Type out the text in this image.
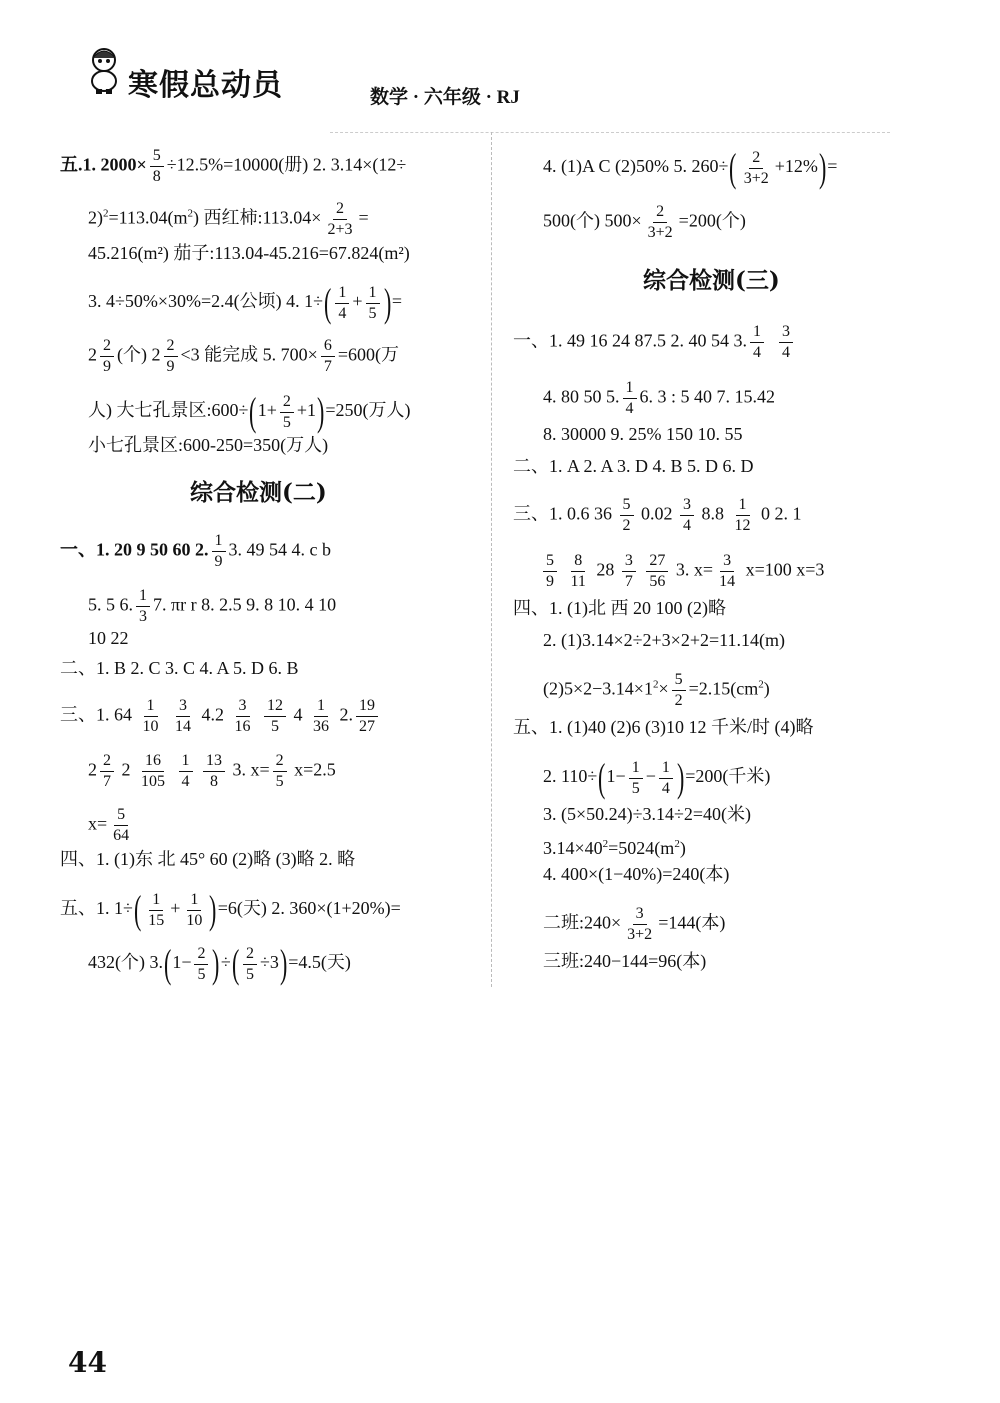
寒假总动员	数学 · 六年级 · RJ
五.1. $2000\times \frac{5}{8} \div 12.5\%=10000$(册) 2. 3.14×(12÷
$2)^2=113.04(m^2)$ 西红柿:113.04× $\frac{2}{2+3}$ =
45.216(m²) 茄子:113.04-45.216=67.824(m²)
3. 4÷50%×30%=2.4(公顷) 4. $1\div( \frac{1}{4} + \frac{1}{5}$ )=
$2 \frac{2}{9}$ (个) $2 \frac{2}{9} <3$ 能完成 5. $700\times \frac{6}{7} =600$(万
人) 大七孔景区:600÷(1+ $\frac{2}{5} +1)=250$(万人)
小七孔景区:600-250=350(万人)
综合检测(二)
一、1. 20 9 50 60 2. $\frac{1}{9} 3$. 49 54 4. c b
5. 5 6. $\frac{1}{3} 7$. πr r 8. 2.5 9. 8 10. 4 10
10 22
二、1. B 2. C 3. C 4. A 5. D 6. B
三、1. $64 \frac{1}{10}$
$\frac{3}{14} 4.2 \frac{3}{16}$
$\frac{12}{5} 4 \frac{1}{36} 2$. $\frac{19}{27}$
$2 \frac{2}{7} 2 \frac{16}{105}$
$\frac{1}{4}$
$\frac{13}{8} 3$. $x= \frac{2}{5} x=2.5$
$x= \frac{5}{64}$
四、1. (1)东 北 45° 60 (2)略 (3)略 2. 略
五、1. $1\div( \frac{1}{15} + \frac{1}{10} )=6$(天) 2. 360×(1+20%)=
432(个) $3.(1- \frac{2}{5}$ )÷( $\frac{2}{5} \div 3)=4.5$(天)
4. (1)A C (2)50% 5. $260\div( \frac{2}{3+2} +12\%)=$
500(个) $500\times \frac{2}{3+2} =200$(个)
综合检测(三)
一、1. 49 16 24 87.5 2. 40 54 3. $\frac{1}{4}$
$\frac{3}{4}$
4. 80 50 5. $\frac{1}{4} 6$. 3 : 5 40 7. 15.42
8. 30000 9. 25% 150 10. 55
二、1. A 2. A 3. D 4. B 5. D 6. D
三、1. 0.6 $36 \frac{5}{2} 0.02 \frac{3}{4} 8.8 \frac{1}{12} 0$ 2. 1
$\frac{5}{9}$
$\frac{8}{11} 28 \frac{3}{7}$
$\frac{27}{56} 3$. $x= \frac{3}{14} x=100$ x=3
四、1. (1)北 西 20 100 (2)略
2. (1)3.14×2÷2+3×2+2=11.14(m)
$(2)5\times 2-3.14\times 1^2\times \frac{5}{2} =2.15(cm^2)$
五、1. (1)40 (2)6 (3)10 12 千米/时 (4)略
2. $110\div(1- \frac{1}{5} - \frac{1}{4} )=200$(千米)
3. (5×50.24)÷3.14÷2=40(米)
$3.14\times 40^2=5024(m^2)$
4. 400×(1−40%)=240(本)
二班:240× $\frac{3}{3+2} =144$(本)
三班:240−144=96(本)
44
